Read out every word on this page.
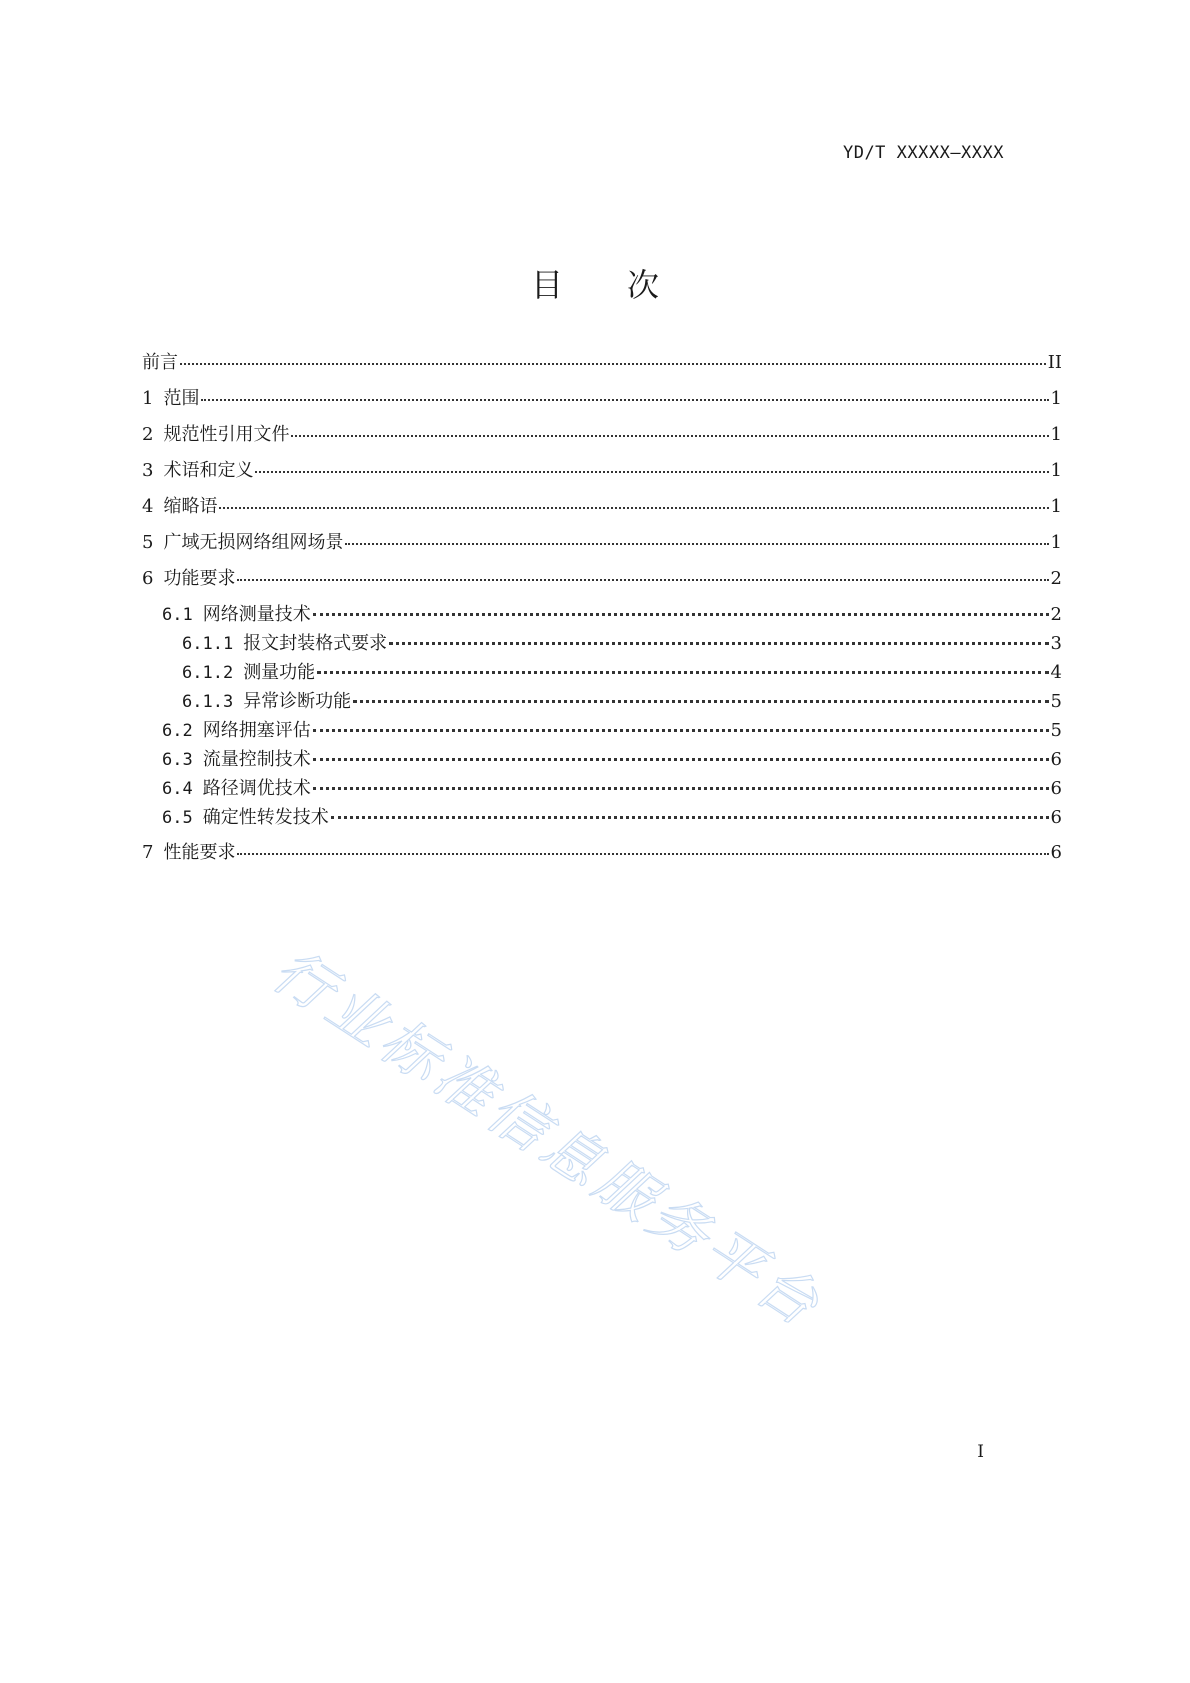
YD/T XXXXX—XXXX
目 次
前言	II
1 范围	1
2 规范性引用文件	1
3 术语和定义	1
4 缩略语	1
5 广域无损网络组网场景	1
6 功能要求	2
6.1 网络测量技术	2
6.1.1 报文封装格式要求	3
6.1.2 测量功能	4
6.1.3 异常诊断功能	5
6.2 网络拥塞评估	5
6.3 流量控制技术	6
6.4 路径调优技术	6
6.5 确定性转发技术	6
7 性能要求	6
行业标准信息服务平台
I
